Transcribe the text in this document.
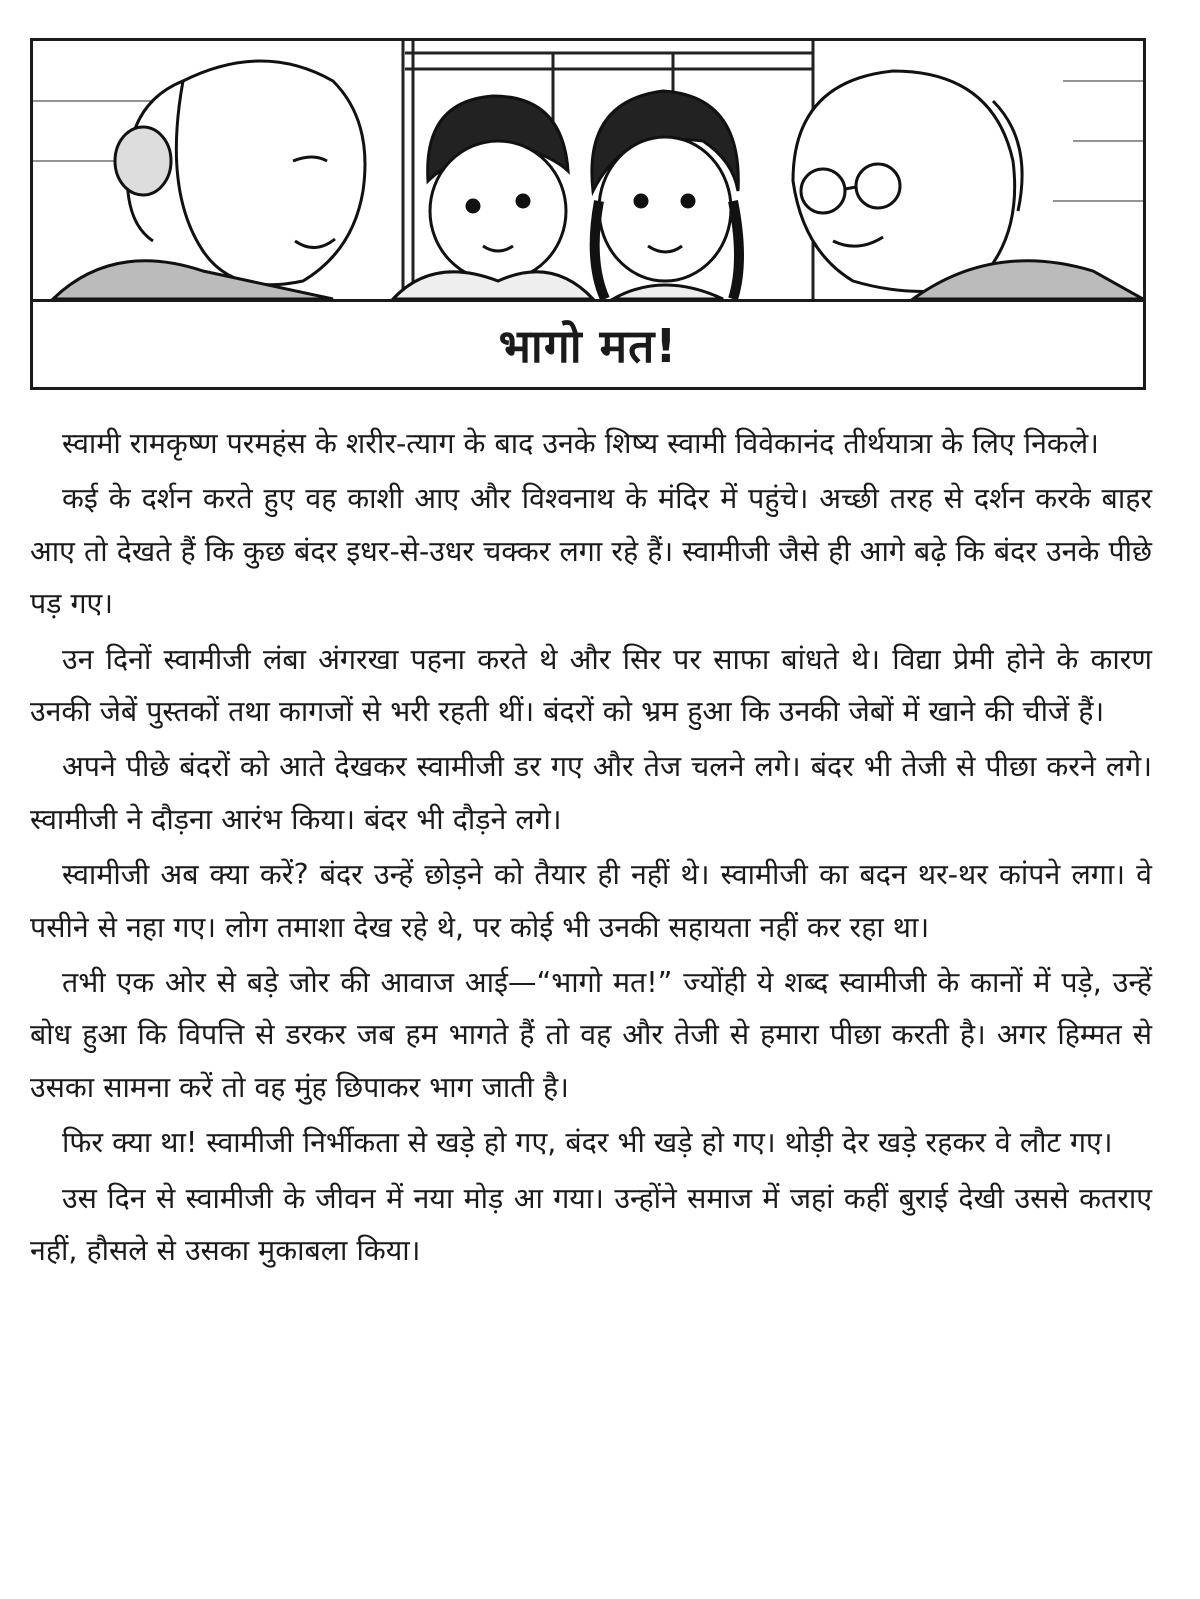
भागो मत!

स्वामी रामकृष्ण परमहंस के शरीर-त्याग के बाद उनके शिष्य स्वामी विवेकानंद तीर्थयात्रा के लिए निकले।

कई के दर्शन करते हुए वह काशी आए और विश्वनाथ के मंदिर में पहुंचे। अच्छी तरह से दर्शन करके बाहर आए तो देखते हैं कि कुछ बंदर इधर-से-उधर चक्कर लगा रहे हैं। स्वामीजी जैसे ही आगे बढ़े कि बंदर उनके पीछे पड़ गए।

उन दिनों स्वामीजी लंबा अंगरखा पहना करते थे और सिर पर साफा बांधते थे। विद्या प्रेमी होने के कारण उनकी जेबें पुस्तकों तथा कागजों से भरी रहती थीं। बंदरों को भ्रम हुआ कि उनकी जेबों में खाने की चीजें हैं।

अपने पीछे बंदरों को आते देखकर स्वामीजी डर गए और तेज चलने लगे। बंदर भी तेजी से पीछा करने लगे। स्वामीजी ने दौड़ना आरंभ किया। बंदर भी दौड़ने लगे।

स्वामीजी अब क्या करें? बंदर उन्हें छोड़ने को तैयार ही नहीं थे। स्वामीजी का बदन थर-थर कांपने लगा। वे पसीने से नहा गए। लोग तमाशा देख रहे थे, पर कोई भी उनकी सहायता नहीं कर रहा था।

तभी एक ओर से बड़े जोर की आवाज आई—“भागो मत!” ज्योंही ये शब्द स्वामीजी के कानों में पड़े, उन्हें बोध हुआ कि विपत्ति से डरकर जब हम भागते हैं तो वह और तेजी से हमारा पीछा करती है। अगर हिम्मत से उसका सामना करें तो वह मुंह छिपाकर भाग जाती है।

फिर क्या था! स्वामीजी निर्भीकता से खड़े हो गए, बंदर भी खड़े हो गए। थोड़ी देर खड़े रहकर वे लौट गए।

उस दिन से स्वामीजी के जीवन में नया मोड़ आ गया। उन्होंने समाज में जहां कहीं बुराई देखी उससे कतराए नहीं, हौसले से उसका मुकाबला किया।
